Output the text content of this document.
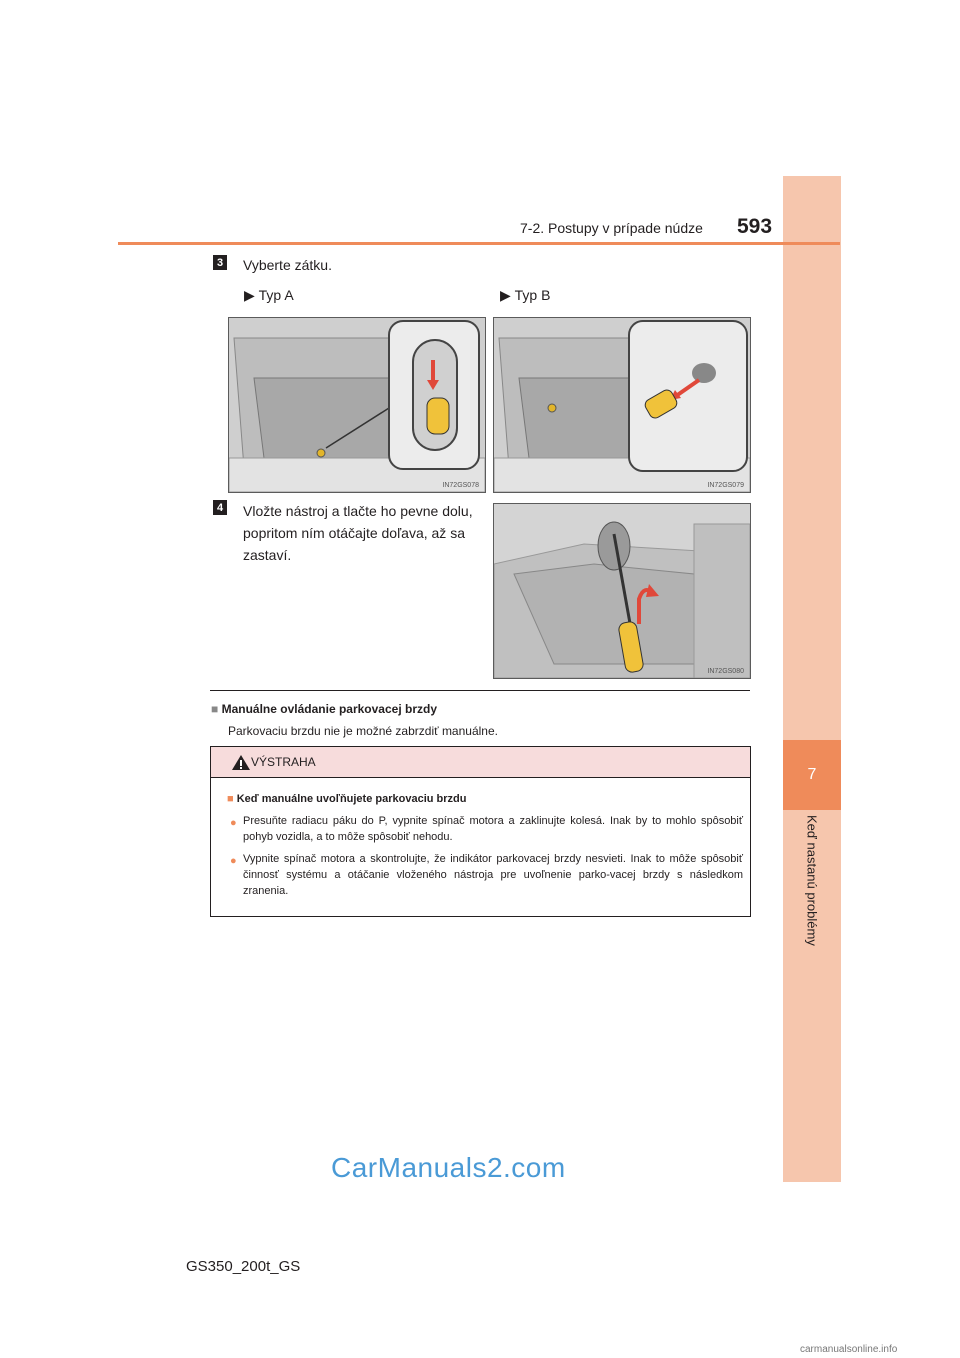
7
Keď nastanú problémy
7-2. Postupy v prípade núdze 593
3 Vyberte zátku.
▶ Typ A	▶ Typ B
IN72GS078	IN72GS079
4 Vložte nástroj a tlačte ho pevne dolu,
popritom ním otáčajte doľava, až sa
zastaví.
IN72GS080
■ Manuálne ovládanie parkovacej brzdy
Parkovaciu brzdu nie je možné zabrzdiť manuálne.
VÝSTRAHA
■ Keď manuálne uvoľňujete parkovaciu brzdu
● Presuňte radiacu páku do P, vypnite spínač motora a zaklinujte kolesá. Inak by to mohlo spôsobiť pohyb vozidla, a to môže spôsobiť nehodu.
● Vypnite spínač motora a skontrolujte, že indikátor parkovacej brzdy nesvieti. Inak to môže spôsobiť činnosť systému a otáčanie vloženého nástroja pre uvoľnenie parko-vacej brzdy s následkom zranenia.
CarManuals2.com
GS350_200t_GS
carmanualsonline.info
